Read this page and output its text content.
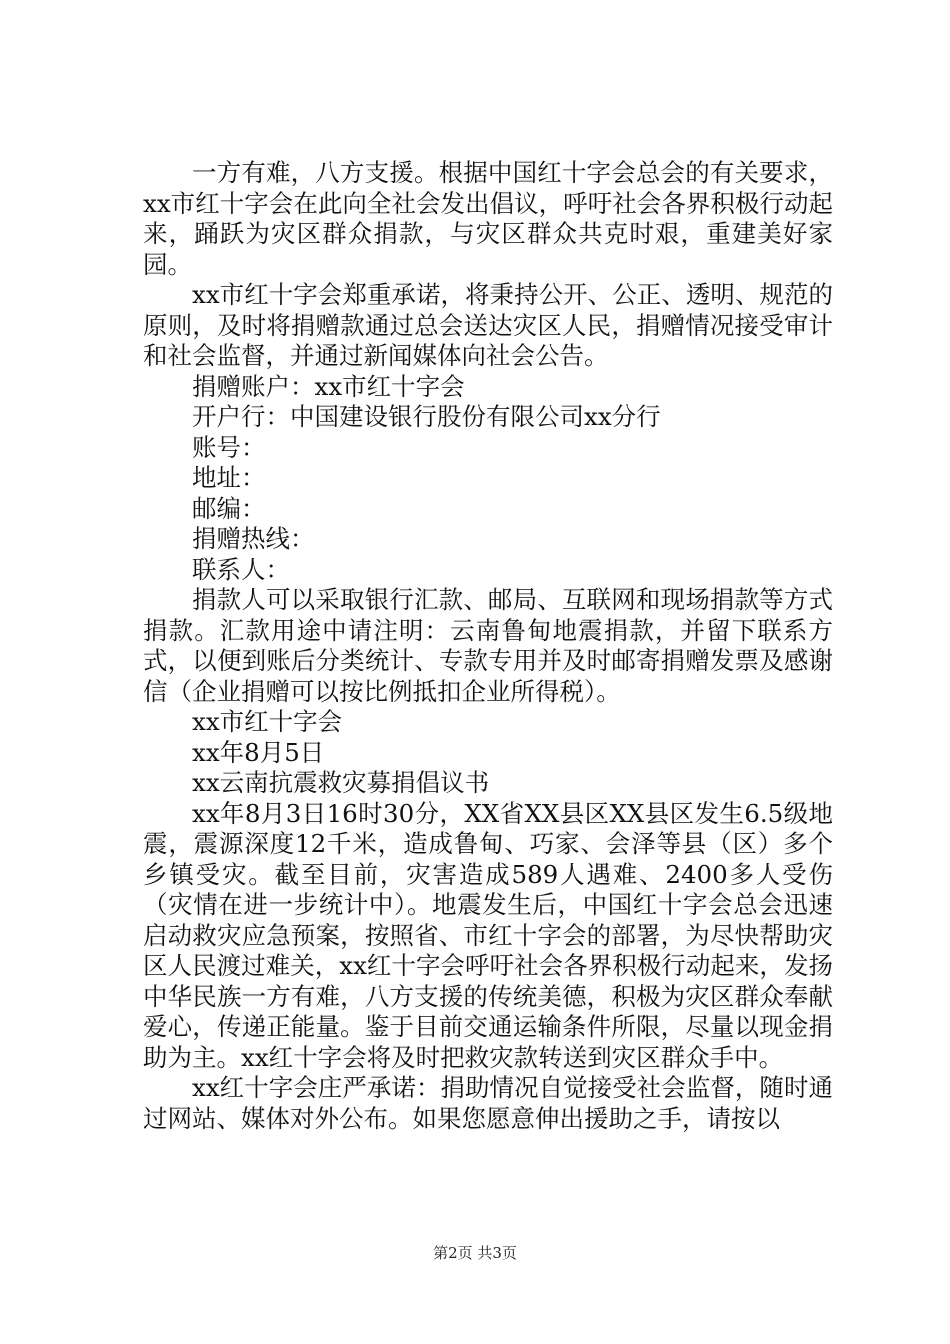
一方有难，八方支援。根据中国红十字会总会的有关要求，xx市红十字会在此向全社会发出倡议，呼吁社会各界积极行动起来，踊跃为灾区群众捐款，与灾区群众共克时艰，重建美好家园。

xx市红十字会郑重承诺，将秉持公开、公正、透明、规范的原则，及时将捐赠款通过总会送达灾区人民，捐赠情况接受审计和社会监督，并通过新闻媒体向社会公告。

捐赠账户：xx市红十字会

开户行：中国建设银行股份有限公司xx分行

账号：

地址：

邮编：

捐赠热线：

联系人：

捐款人可以采取银行汇款、邮局、互联网和现场捐款等方式捐款。汇款用途中请注明：云南鲁甸地震捐款，并留下联系方式，以便到账后分类统计、专款专用并及时邮寄捐赠发票及感谢信（企业捐赠可以按比例抵扣企业所得税）。

xx市红十字会

xx年8月5日

xx云南抗震救灾募捐倡议书

xx年8月3日16时30分，XX省XX县区XX县区发生6.5级地震，震源深度12千米，造成鲁甸、巧家、会泽等县（区）多个乡镇受灾。截至目前，灾害造成589人遇难、2400多人受伤（灾情在进一步统计中）。地震发生后，中国红十字会总会迅速启动救灾应急预案，按照省、市红十字会的部署，为尽快帮助灾区人民渡过难关，xx红十字会呼吁社会各界积极行动起来，发扬中华民族一方有难，八方支援的传统美德，积极为灾区群众奉献爱心，传递正能量。鉴于目前交通运输条件所限，尽量以现金捐助为主。xx红十字会将及时把救灾款转送到灾区群众手中。

xx红十字会庄严承诺：捐助情况自觉接受社会监督，随时通过网站、媒体对外公布。如果您愿意伸出援助之手，请按以

第2页 共3页
